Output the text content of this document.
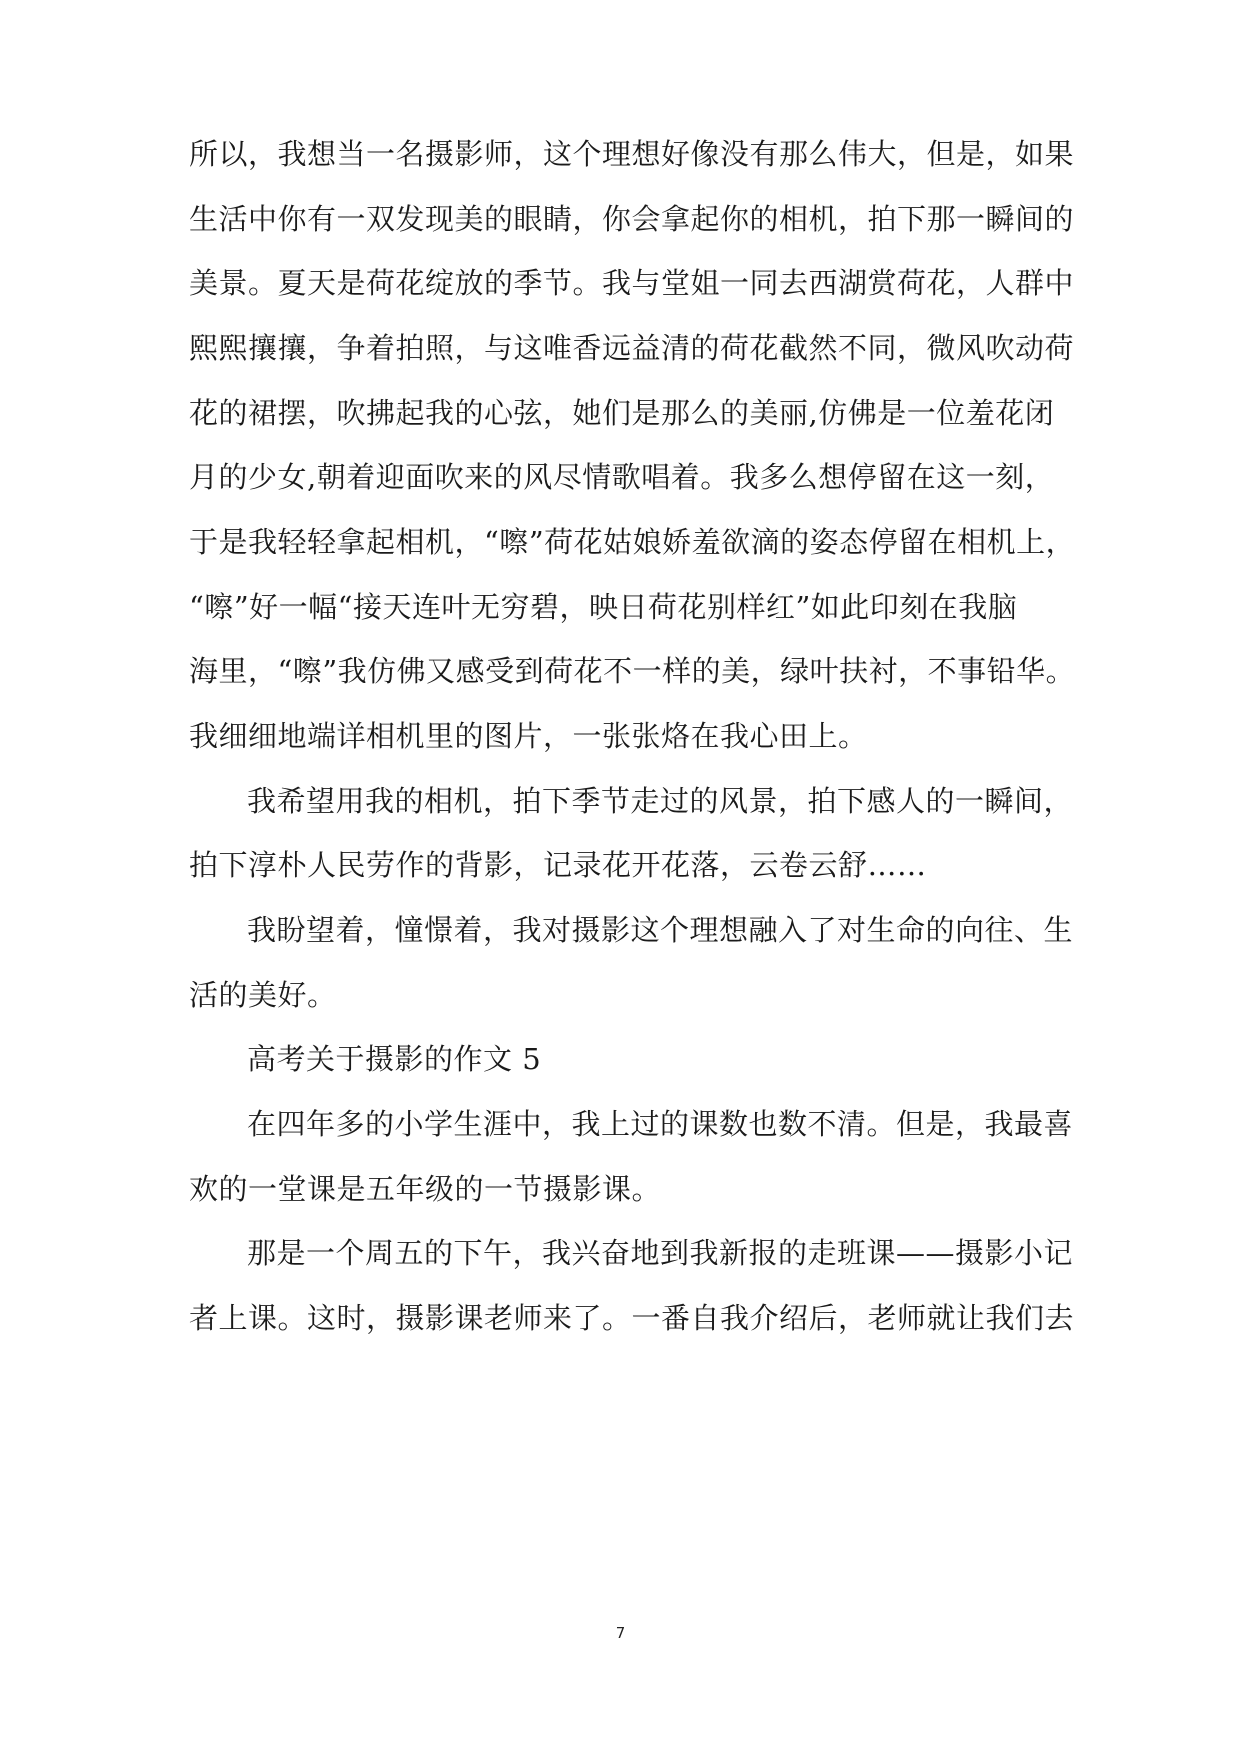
所以，我想当一名摄影师，这个理想好像没有那么伟大，但是，如果
生活中你有一双发现美的眼睛，你会拿起你的相机，拍下那一瞬间的
美景。夏天是荷花绽放的季节。我与堂姐一同去西湖赏荷花，人群中
熙熙攘攘，争着拍照，与这唯香远益清的荷花截然不同，微风吹动荷
花的裙摆，吹拂起我的心弦，她们是那么的美丽,仿佛是一位羞花闭
月的少女,朝着迎面吹来的风尽情歌唱着。我多么想停留在这一刻，
于是我轻轻拿起相机，“嚓”荷花姑娘娇羞欲滴的姿态停留在相机上，
“嚓”好一幅“接天连叶无穷碧，映日荷花别样红”如此印刻在我脑
海里，“嚓”我仿佛又感受到荷花不一样的美，绿叶扶衬，不事铅华。
我细细地端详相机里的图片，一张张烙在我心田上。
我希望用我的相机，拍下季节走过的风景，拍下感人的一瞬间，
拍下淳朴人民劳作的背影，记录花开花落，云卷云舒……
我盼望着，憧憬着，我对摄影这个理想融入了对生命的向往、生
活的美好。
高考关于摄影的作文 5
在四年多的小学生涯中，我上过的课数也数不清。但是，我最喜
欢的一堂课是五年级的一节摄影课。
那是一个周五的下午，我兴奋地到我新报的走班课——摄影小记
者上课。这时，摄影课老师来了。一番自我介绍后，老师就让我们去
7
